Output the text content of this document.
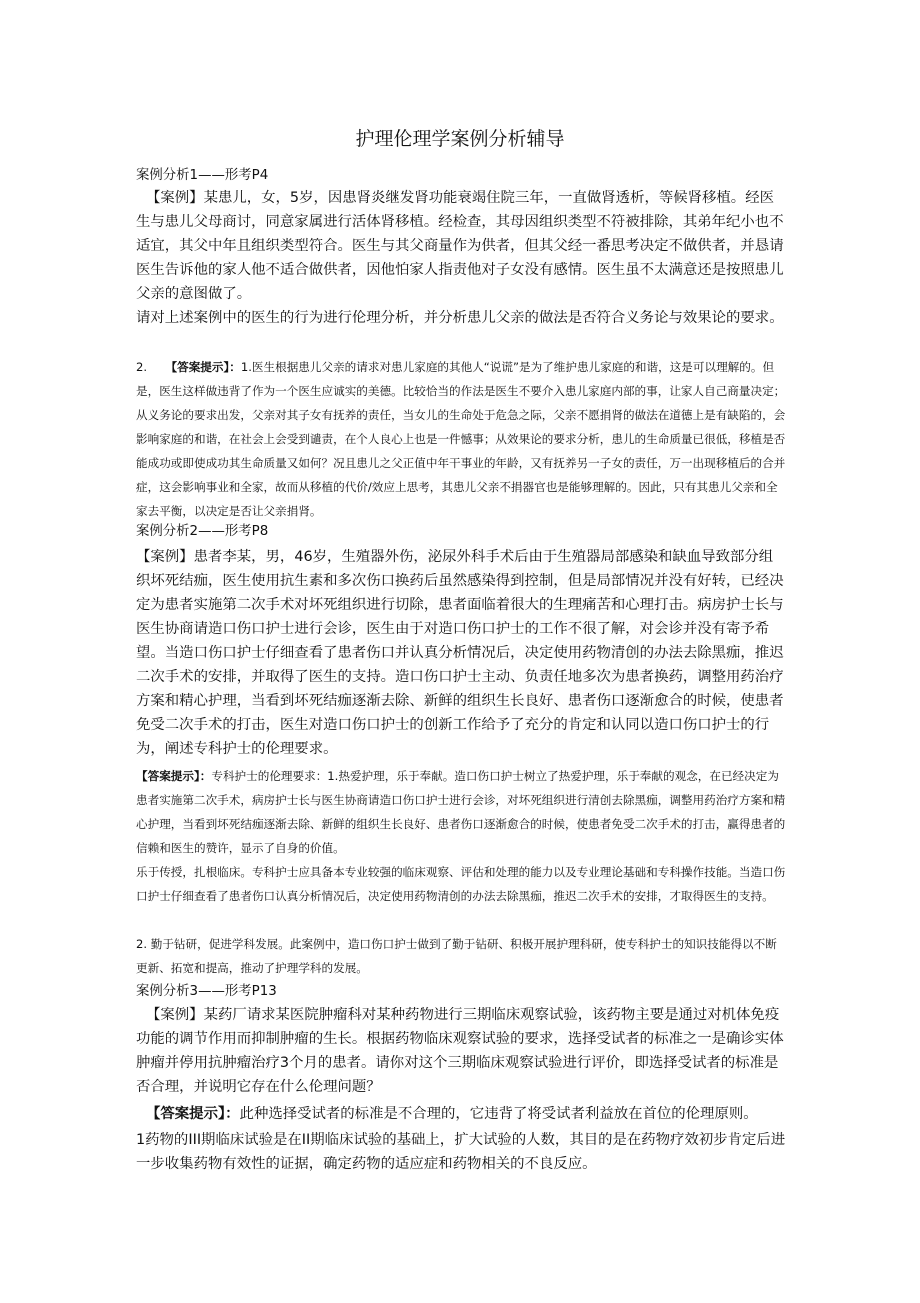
护理伦理学案例分析辅导
案例分析1——形考P4

【案例】某患儿，女，5岁，因患肾炎继发肾功能衰竭住院三年，一直做肾透析，等候肾移植。经医生与患儿父母商讨，同意家属进行活体肾移植。经检查，其母因组织类型不符被排除，其弟年纪小也不适宜，其父中年且组织类型符合。医生与其父商量作为供者，但其父经一番思考决定不做供者，并恳请医生告诉他的家人他不适合做供者，因他怕家人指责他对子女没有感情。医生虽不太满意还是按照患儿父亲的意图做了。

请对上述案例中的医生的行为进行伦理分析，并分析患儿父亲的做法是否符合义务论与效果论的要求。

2. 【答案提示】：1.医生根据患儿父亲的请求对患儿家庭的其他人“说谎”是为了维护患儿家庭的和谐，这是可以理解的。但是，医生这样做违背了作为一个医生应诚实的美德。比较恰当的作法是医生不要介入患儿家庭内部的事，让家人自己商量决定；从义务论的要求出发，父亲对其子女有抚养的责任，当女儿的生命处于危急之际，父亲不愿捐肾的做法在道德上是有缺陷的，会影响家庭的和谐，在社会上会受到谴责，在个人良心上也是一件憾事；从效果论的要求分析，患儿的生命质量已很低，移植是否能成功或即使成功其生命质量又如何？况且患儿之父正值中年干事业的年龄，又有抚养另一子女的责任，万一出现移植后的合并症，这会影响事业和全家，故而从移植的代价/效应上思考，其患儿父亲不捐器官也是能够理解的。因此，只有其患儿父亲和全家去平衡，以决定是否让父亲捐肾。

案例分析2——形考P8

【案例】患者李某，男，46岁，生殖器外伤，泌尿外科手术后由于生殖器局部感染和缺血导致部分组织坏死结痂，医生使用抗生素和多次伤口换药后虽然感染得到控制，但是局部情况并没有好转，已经决定为患者实施第二次手术对坏死组织进行切除，患者面临着很大的生理痛苦和心理打击。病房护士长与医生协商请造口伤口护士进行会诊，医生由于对造口伤口护士的工作不很了解，对会诊并没有寄予希望。当造口伤口护士仔细查看了患者伤口并认真分析情况后，决定使用药物清创的办法去除黑痂，推迟二次手术的安排，并取得了医生的支持。造口伤口护士主动、负责任地多次为患者换药，调整用药治疗方案和精心护理，当看到坏死结痂逐渐去除、新鲜的组织生长良好、患者伤口逐渐愈合的时候，使患者免受二次手术的打击，医生对造口伤口护士的创新工作给予了充分的肯定和认同以造口伤口护士的行为，阐述专科护士的伦理要求。

【答案提示】：专科护士的伦理要求：1.热爱护理，乐于奉献。造口伤口护士树立了热爱护理，乐于奉献的观念，在已经决定为患者实施第二次手术，病房护士长与医生协商请造口伤口护士进行会诊，对坏死组织进行清创去除黑痂，调整用药治疗方案和精心护理，当看到坏死结痂逐渐去除、新鲜的组织生长良好、患者伤口逐渐愈合的时候，使患者免受二次手术的打击，赢得患者的信赖和医生的赞许，显示了自身的价值。

乐于传授，扎根临床。专科护士应具备本专业较强的临床观察、评估和处理的能力以及专业理论基础和专科操作技能。当造口伤口护士仔细查看了患者伤口认真分析情况后，决定使用药物清创的办法去除黑痂，推迟二次手术的安排，才取得医生的支持。

2. 勤于钻研，促进学科发展。此案例中，造口伤口护士做到了勤于钻研、积极开展护理科研，使专科护士的知识技能得以不断更新、拓宽和提高，推动了护理学科的发展。

案例分析3——形考P13

【案例】某药厂请求某医院肿瘤科对某种药物进行三期临床观察试验，该药物主要是通过对机体免疫功能的调节作用而抑制肿瘤的生长。根据药物临床观察试验的要求，选择受试者的标准之一是确诊实体肿瘤并停用抗肿瘤治疗3个月的患者。请你对这个三期临床观察试验进行评价，即选择受试者的标准是否合理，并说明它存在什么伦理问题？

【答案提示】：此种选择受试者的标准是不合理的，它违背了将受试者利益放在首位的伦理原则。

1药物的III期临床试验是在II期临床试验的基础上，扩大试验的人数，其目的是在药物疗效初步肯定后进一步收集药物有效性的证据，确定药物的适应症和药物相关的不良反应。
